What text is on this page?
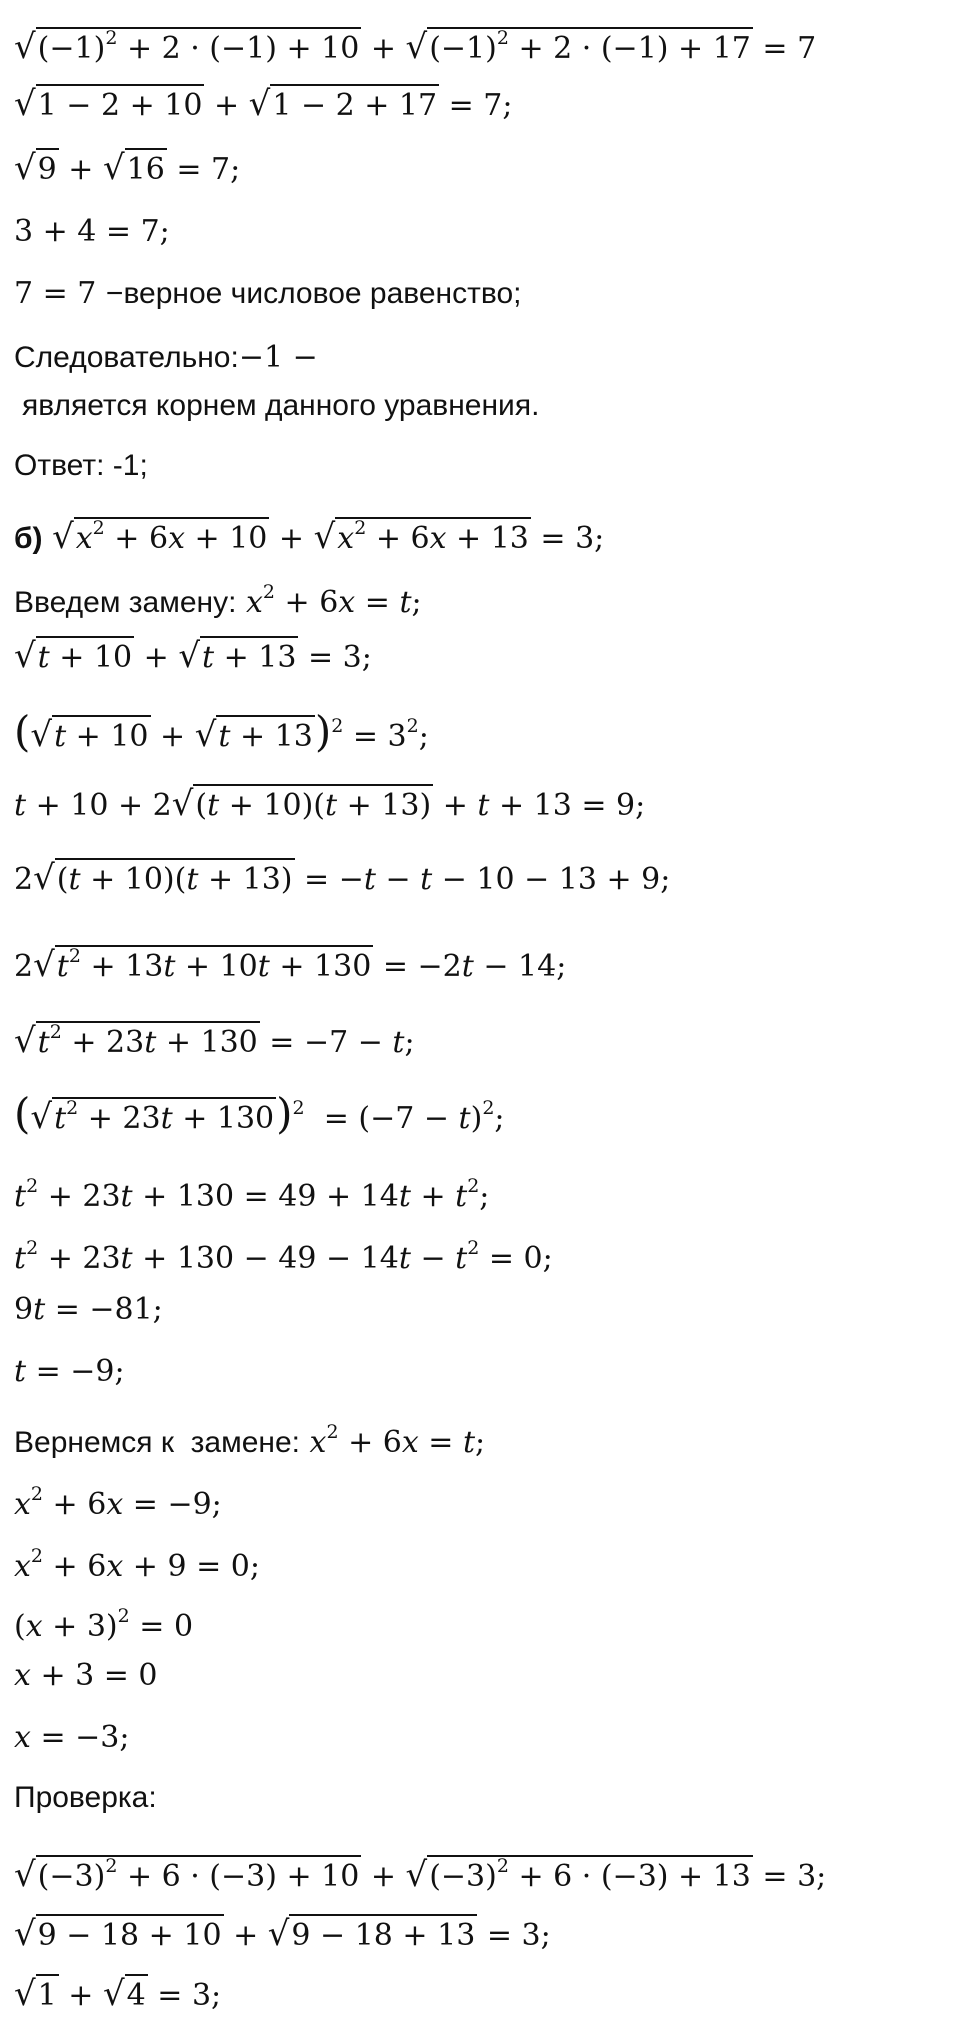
$√(-1)^2 + 2 \cdot (-1) + 10 + √(-1)^2 + 2 \cdot (-1) + 17 = 7$
√1 − 2 + 10 + √1 − 2 + 17 = 7;
√9 + √16 = 7;
3 + 4 = 7;
7 = 7 −верное числовое равенство;
Следовательно:−1 −
является корнем данного уравнения.
Ответ: -1;
б) $√x^2 + 6x + 10 + √x^2 + 6x + 13 = 3$;
Введем замену: $x^2 + 6x = t$;
√t + 10 + √t + 13 = 3;
$(√t + 10 + √t + 13)^2 = 3^2$;
t + 10 + 2√(t + 10)(t + 13) + t + 13 = 9;
2√(t + 10)(t + 13) = −t − t − 10 − 13 + 9;
$2√t^2 + 13t + 10t + 130 = -2t - 14$;
$√t^2 + 23t + 130 = -7 - t$;
$(√t^2 + 23t + 130)^2 = (-7 - t)^2$;
$t^2 + 23t + 130 = 49 + 14t + t^2$;
$t^2 + 23t + 130 - 49 - 14t - t^2 = 0$;
9t = −81;
t = −9;
Вернемся к  замене: $x^2 + 6x = t$;
$x^2 + 6x = -9$;
$x^2 + 6x + 9 = 0$;
$(x + 3)^2 = 0$
x + 3 = 0
x = −3;
Проверка:
$√(-3)^2 + 6 \cdot (-3) + 10 + √(-3)^2 + 6 \cdot (-3) + 13 = 3$;
√9 − 18 + 10 + √9 − 18 + 13 = 3;
√1 + √4 = 3;
